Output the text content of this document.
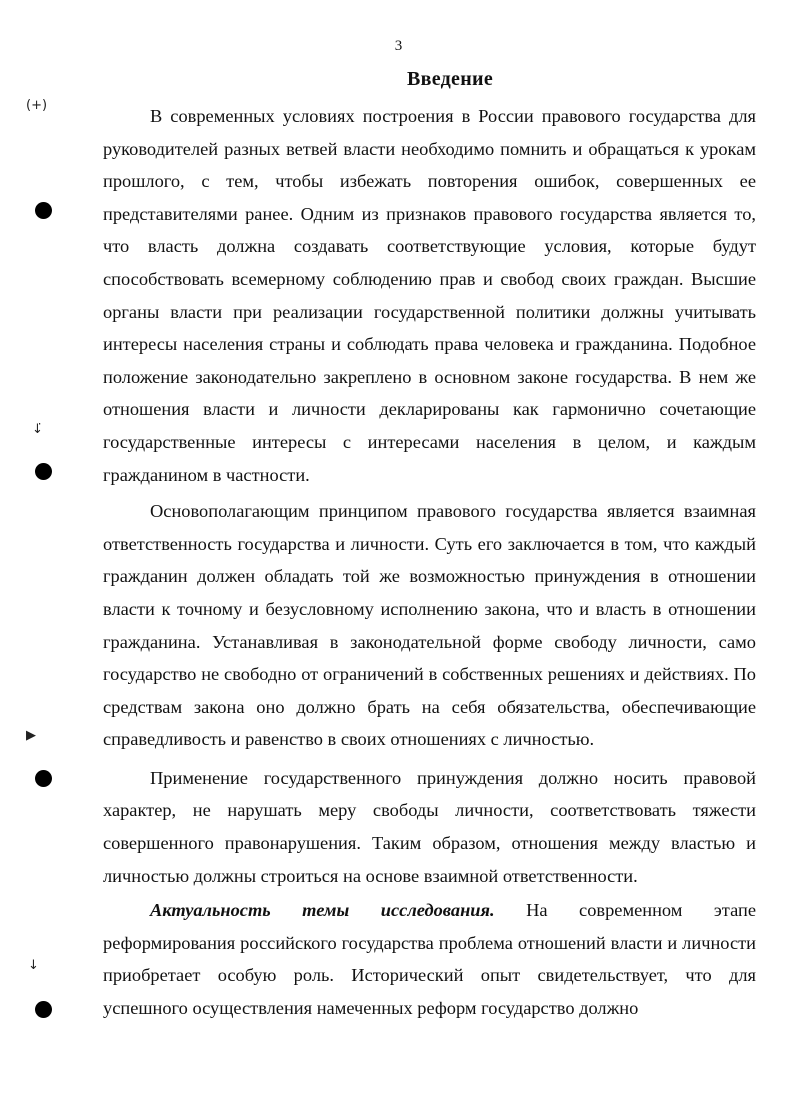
3
Введение
(+)
↓̇
▶
↓

В современных условиях построения в России правового государства для руководителей разных ветвей власти необходимо помнить и обращаться к урокам прошлого, с тем, чтобы избежать повторения ошибок, совершенных ее представителями ранее. Одним из признаков правового государства является то, что власть должна создавать соответствующие условия, которые будут способствовать всемерному соблюдению прав и свобод своих граждан. Высшие органы власти при реализации государственной политики должны учитывать интересы населения страны и соблюдать права человека и гражданина. Подобное положение законодательно закреплено в основном законе государства. В нем же отношения власти и личности декларированы как гармонично сочетающие государственные интересы с интересами населения в целом, и каждым гражданином в частности.

Основополагающим принципом правового государства является взаимная ответственность государства и личности. Суть его заключается в том, что каждый гражданин должен обладать той же возможностью принуждения в отношении власти к точному и безусловному исполнению закона, что и власть в отношении гражданина. Устанавливая в законодательной форме свободу личности, само государство не свободно от ограничений в собственных решениях и действиях. По средствам закона оно должно брать на себя обязательства, обеспечивающие справедливость и равенство в своих отношениях с личностью.

Применение государственного принуждения должно носить правовой характер, не нарушать меру свободы личности, соответствовать тяжести совершенного правонарушения. Таким образом, отношения между властью и личностью должны строиться на основе взаимной ответственности.

Актуальность темы исследования. На современном этапе реформирования российского государства проблема отношений власти и личности приобретает особую роль. Исторический опыт свидетельствует, что для успешного осуществления намеченных реформ государство должно
